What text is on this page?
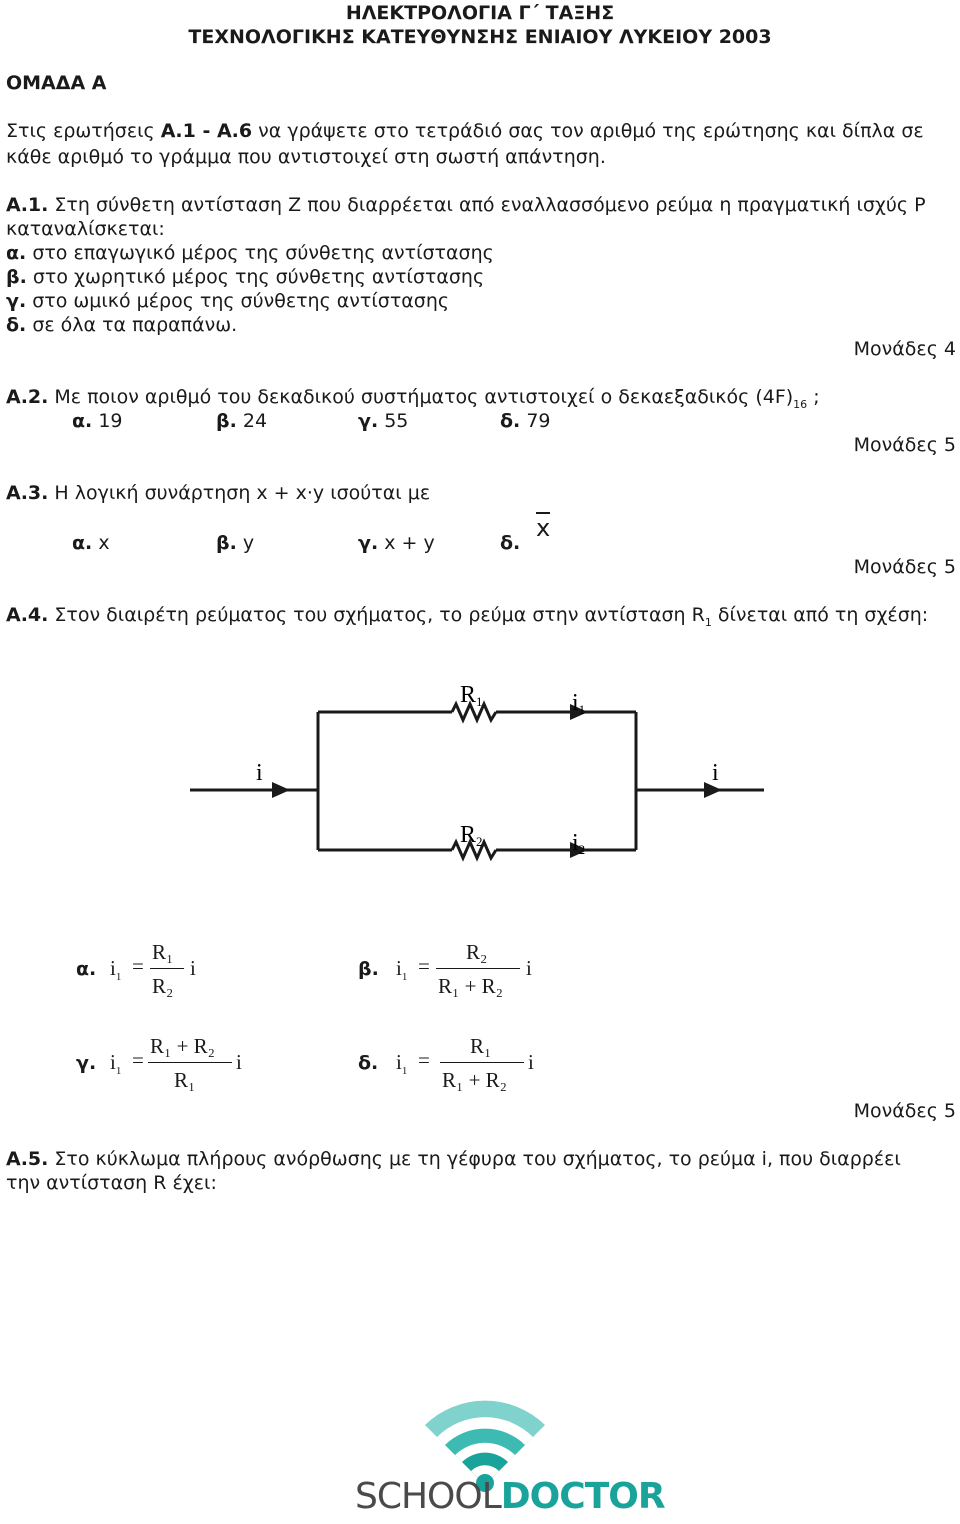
ΗΛΕΚΤΡΟΛΟΓΙΑ Γ΄ ΤΑΞΗΣ
ΤΕΧΝΟΛΟΓΙΚΗΣ ΚΑΤΕΥΘΥΝΣΗΣ ΕΝΙΑΙΟΥ ΛΥΚΕΙΟΥ 2003
ΟΜΑΔΑ Α
Στις ερωτήσεις Α.1 - Α.6 να γράψετε στο τετράδιό σας τον αριθμό της ερώτησης και δίπλα σε
κάθε αριθμό το γράμμα που αντιστοιχεί στη σωστή απάντηση.
Α.1. Στη σύνθετη αντίσταση Ζ που διαρρέεται από εναλλασσόμενο ρεύμα η πραγματική ισχύς Ρ
καταναλίσκεται:
α. στο επαγωγικό μέρος της σύνθετης αντίστασης
β. στο χωρητικό μέρος της σύνθετης αντίστασης
γ. στο ωμικό μέρος της σύνθετης αντίστασης
δ. σε όλα τα παραπάνω.
Μονάδες 4
Α.2. Με ποιον αριθμό του δεκαδικού συστήματος αντιστοιχεί ο δεκαεξαδικός $(4F)_{16}$ ;
α. 19	β. 24	γ. 55	δ. 79
Μονάδες 5
Α.3. Η λογική συνάρτηση x + x·y ισούται με
α. x	β. y	γ. x + y	δ.
x
Μονάδες 5
Α.4. Στον διαιρέτη ρεύματος του σχήματος, το ρεύμα στην αντίσταση $R_1$ δίνεται από τη σχέση:
R1	i1
i	i
R2	i2
α. $i_1$ =
R₁
R₂
i	β. $i_1$ =
R₂
R₁ + R₂
i
γ. $i_1$ =
R₁ + R₂
R₁
i	δ. $i_1$ =
R₁
R₁ + R₂
i
Μονάδες 5
Α.5. Στο κύκλωμα πλήρους ανόρθωσης με τη γέφυρα του σχήματος, το ρεύμα i, που διαρρέει
την αντίσταση R έχει:
SCHOOLDOCTOR
